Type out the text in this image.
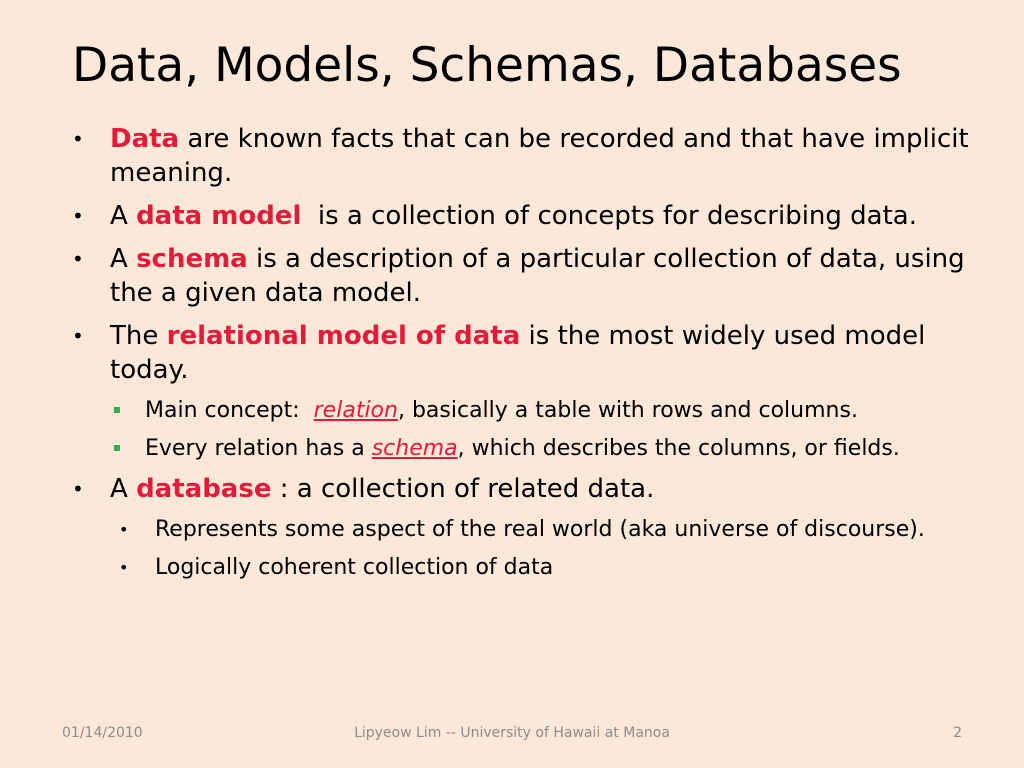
Data, Models, Schemas, Databases
• Data are known facts that can be recorded and that have implicit meaning.
• A data model  is a collection of concepts for describing data.
• A schema is a description of a particular collection of data, using the a given data model.
• The relational model of data is the most widely used model today.
Main concept:  relation, basically a table with rows and columns.
Every relation has a schema, which describes the columns, or fields.
• A database : a collection of related data.
• Represents some aspect of the real world (aka universe of discourse).
• Logically coherent collection of data
Lipyeow Lim -- University of Hawaii at Manoa
01/14/2010	2
